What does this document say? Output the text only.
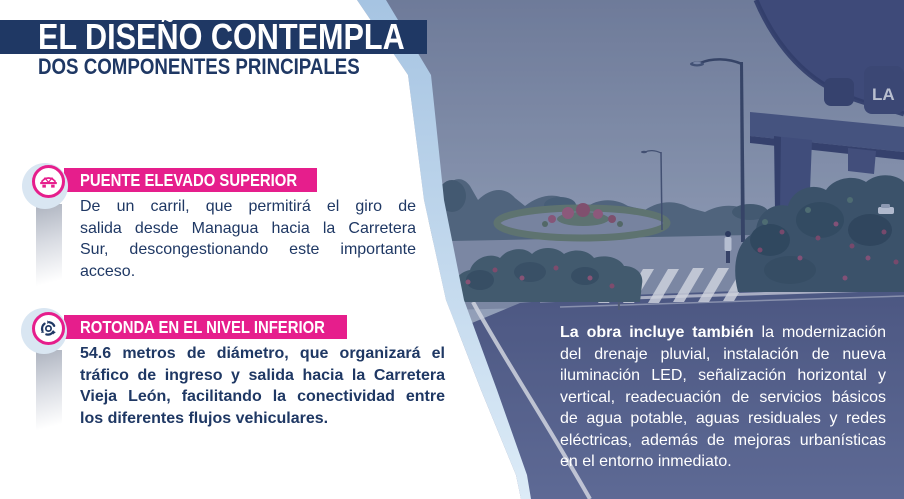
LA
EL DISEÑO CONTEMPLA
DOS COMPONENTES PRINCIPALES
PUENTE ELEVADO SUPERIOR
De un carril, que permitirá el giro de
salida desde Managua hacia la Carretera
Sur, descongestionando este importante
acceso.
ROTONDA EN EL NIVEL INFERIOR
54.6 metros de diámetro, que organizará el
tráfico de ingreso y salida hacia la Carretera
Vieja León, facilitando la conectividad entre
los diferentes flujos vehiculares.
La obra incluye también la modernización
del drenaje pluvial, instalación de nueva
iluminación LED, señalización horizontal y
vertical, readecuación de servicios básicos
de agua potable, aguas residuales y redes
eléctricas, además de mejoras urbanísticas
en el entorno inmediato.
